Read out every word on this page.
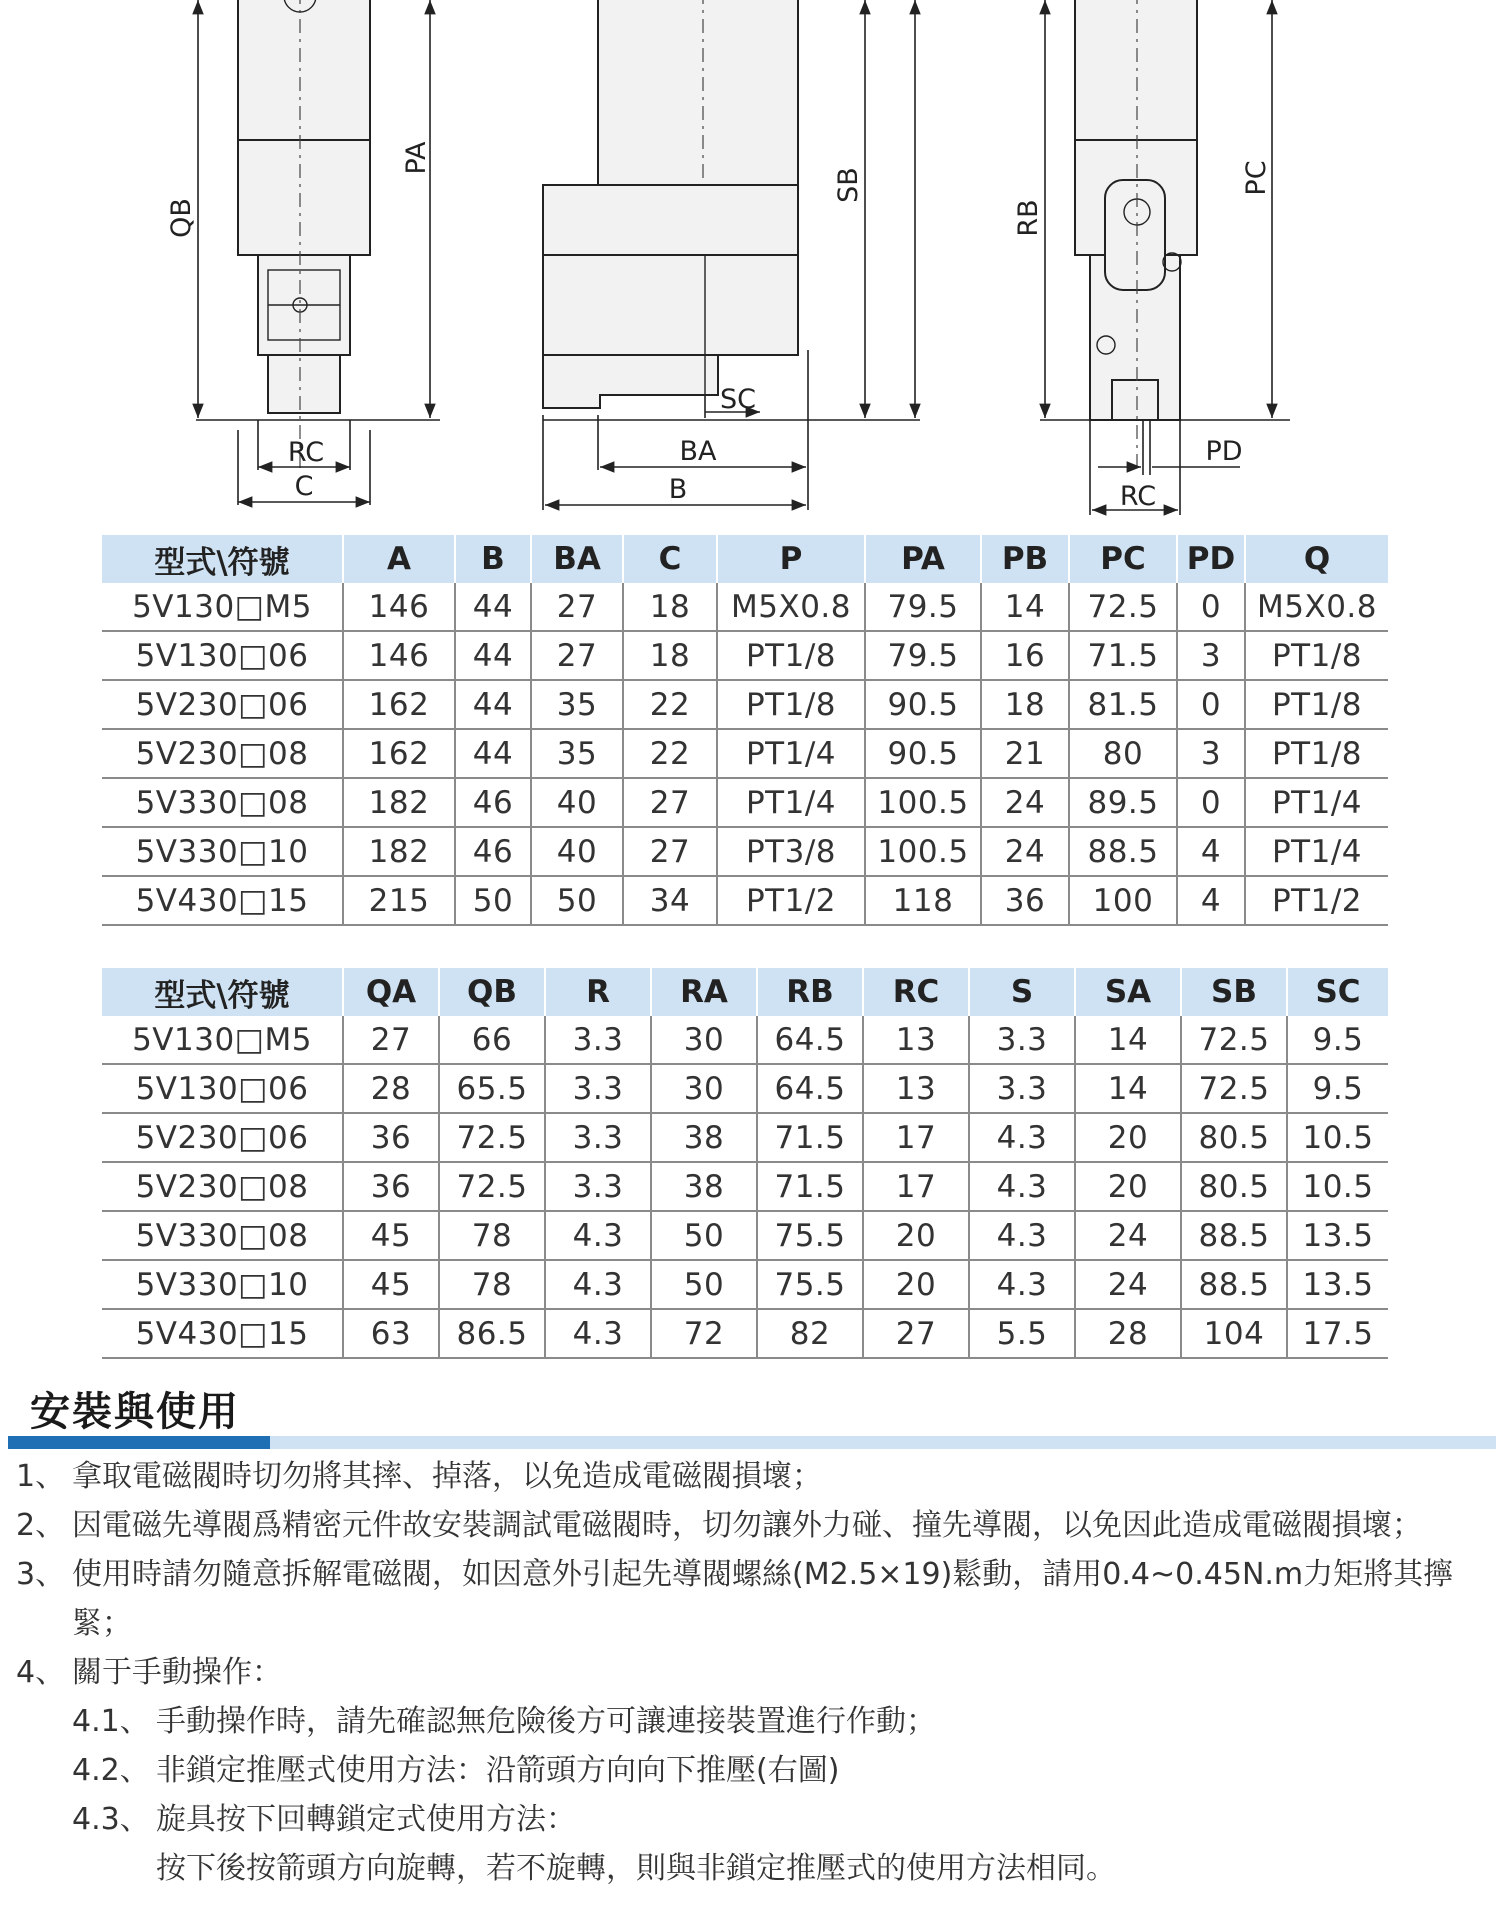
QB
PA
RC
C
SB
SC
BA
B
RB
PC
PD
RC
型式\符號	A	B	BA	C	P	PA	PB	PC	PD	Q
5V130□M5	146	44	27	18	M5X0.8	79.5	14	72.5	0	M5X0.8
5V130□06	146	44	27	18	PT1/8	79.5	16	71.5	3	PT1/8
5V230□06	162	44	35	22	PT1/8	90.5	18	81.5	0	PT1/8
5V230□08	162	44	35	22	PT1/4	90.5	21	80	3	PT1/8
5V330□08	182	46	40	27	PT1/4	100.5	24	89.5	0	PT1/4
5V330□10	182	46	40	27	PT3/8	100.5	24	88.5	4	PT1/4
5V430□15	215	50	50	34	PT1/2	118	36	100	4	PT1/2
型式\符號	QA	QB	R	RA	RB	RC	S	SA	SB	SC
5V130□M5	27	66	3.3	30	64.5	13	3.3	14	72.5	9.5
5V130□06	28	65.5	3.3	30	64.5	13	3.3	14	72.5	9.5
5V230□06	36	72.5	3.3	38	71.5	17	4.3	20	80.5	10.5
5V230□08	36	72.5	3.3	38	71.5	17	4.3	20	80.5	10.5
5V330□08	45	78	4.3	50	75.5	20	4.3	24	88.5	13.5
5V330□10	45	78	4.3	50	75.5	20	4.3	24	88.5	13.5
5V430□15	63	86.5	4.3	72	82	27	5.5	28	104	17.5
安裝與使用
1、 拿取電磁閥時切勿將其摔、掉落，以免造成電磁閥損壞；
2、 因電磁先導閥爲精密元件故安裝調試電磁閥時，切勿讓外力碰、撞先導閥，以免因此造成電磁閥損壞；
3、 使用時請勿隨意拆解電磁閥，如因意外引起先導閥螺絲(M2.5×19)鬆動，請用0.4~0.45N.m力矩將其擰緊；
4、 關于手動操作：
4.1、 手動操作時，請先確認無危險後方可讓連接裝置進行作動；
4.2、 非鎖定推壓式使用方法：沿箭頭方向向下推壓(右圖)
4.3、 旋具按下回轉鎖定式使用方法：
按下後按箭頭方向旋轉，若不旋轉，則與非鎖定推壓式的使用方法相同。
